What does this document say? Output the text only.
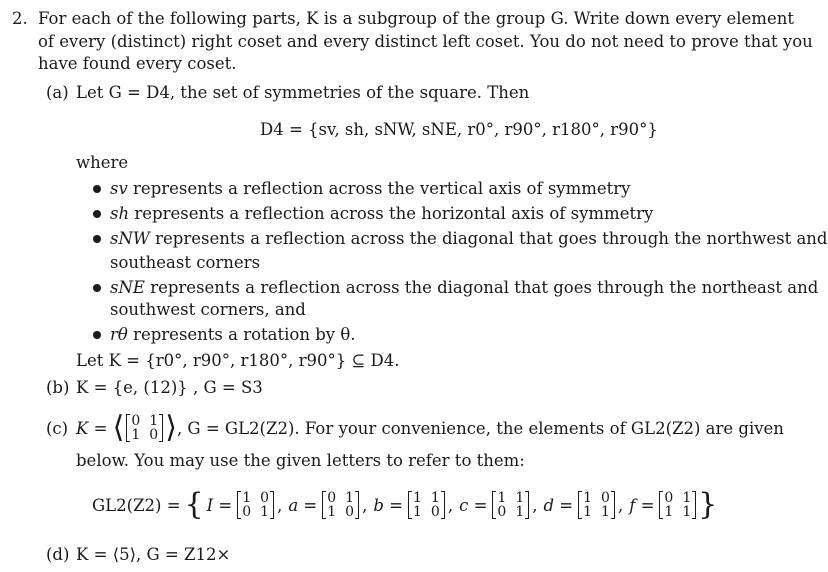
2. For each of the following parts, K is a subgroup of the group G. Write down every element
of every (distinct) right coset and every distinct left coset. You do not need to prove that you
have found every coset.
(a) Let G = D4, the set of symmetries of the square. Then
D4 = {sv, sh, sNW, sNE, r0°, r90°, r180°, r90°}
where
sv represents a reflection across the vertical axis of symmetry
sh represents a reflection across the horizontal axis of symmetry
sNW represents a reflection across the diagonal that goes through the northwest and
southeast corners
sNE represents a reflection across the diagonal that goes through the northeast and
southwest corners, and
rθ represents a rotation by θ.
Let K = {r0°, r90°, r180°, r90°} ⊆ D4.
(b) K = {e, (12)} , G = S3
(c) K = ⟨ 0 1
1 0 ⟩ , G = GL2(Z2). For your convenience, the elements of GL2(Z2) are given
below. You may use the given letters to refer to them:
GL2(Z2) = { I = 1 0
0 1 , a = 0 1
1 0 , b = 1 1
1 0 , c = 1 1
0 1 , d = 1 0
1 1 , f = 0 1
1 1 }
(d) K = ⟨5⟩, G = Z12×
